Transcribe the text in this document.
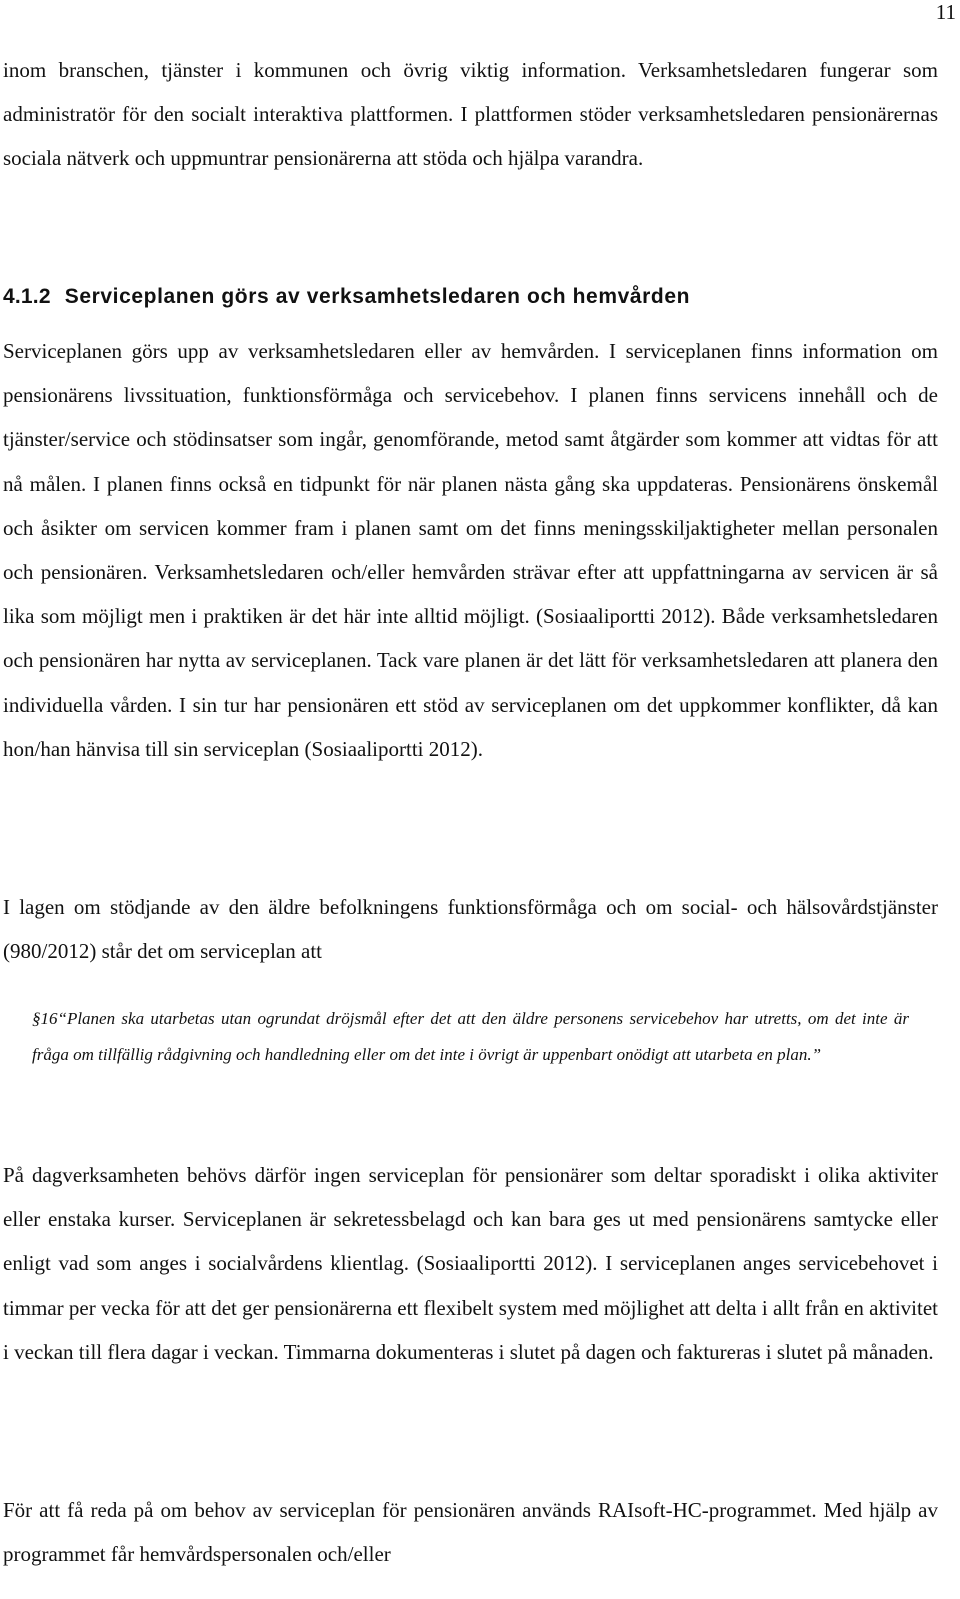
11

inom branschen, tjänster i kommunen och övrig viktig information. Verksamhetsledaren fungerar som administratör för den socialt interaktiva plattformen. I plattformen stöder verksamhetsledaren pensionärernas sociala nätverk och uppmuntrar pensionärerna att stöda och hjälpa varandra.

4.1.2 Serviceplanen görs av verksamhetsledaren och hemvården

Serviceplanen görs upp av verksamhetsledaren eller av hemvården. I serviceplanen finns information om pensionärens livssituation, funktionsförmåga och servicebehov. I planen finns servicens innehåll och de tjänster/service och stödinsatser som ingår, genomförande, metod samt åtgärder som kommer att vidtas för att nå målen. I planen finns också en tidpunkt för när planen nästa gång ska uppdateras. Pensionärens önskemål och åsikter om servicen kommer fram i planen samt om det finns meningsskiljaktigheter mellan personalen och pensionären. Verksamhetsledaren och/eller hemvården strävar efter att uppfattningarna av servicen är så lika som möjligt men i praktiken är det här inte alltid möjligt. (Sosiaaliportti 2012). Både verksamhetsledaren och pensionären har nytta av serviceplanen. Tack vare planen är det lätt för verksamhetsledaren att planera den individuella vården. I sin tur har pensionären ett stöd av serviceplanen om det uppkommer konflikter, då kan hon/han hänvisa till sin serviceplan (Sosiaaliportti 2012).

I lagen om stödjande av den äldre befolkningens funktionsförmåga och om social- och hälsovårdstjänster (980/2012) står det om serviceplan att

§16“Planen ska utarbetas utan ogrundat dröjsmål efter det att den äldre personens servicebehov har utretts, om det inte är fråga om tillfällig rådgivning och handledning eller om det inte i övrigt är uppenbart onödigt att utarbeta en plan.”

På dagverksamheten behövs därför ingen serviceplan för pensionärer som deltar sporadiskt i olika aktiviter eller enstaka kurser. Serviceplanen är sekretessbelagd och kan bara ges ut med pensionärens samtycke eller enligt vad som anges i socialvårdens klientlag. (Sosiaaliportti 2012). I serviceplanen anges servicebehovet i timmar per vecka för att det ger pensionärerna ett flexibelt system med möjlighet att delta i allt från en aktivitet i veckan till flera dagar i veckan. Timmarna dokumenteras i slutet på dagen och faktureras i slutet på månaden.

För att få reda på om behov av serviceplan för pensionären används RAIsoft-HC-programmet. Med hjälp av programmet får hemvårdspersonalen och/eller
